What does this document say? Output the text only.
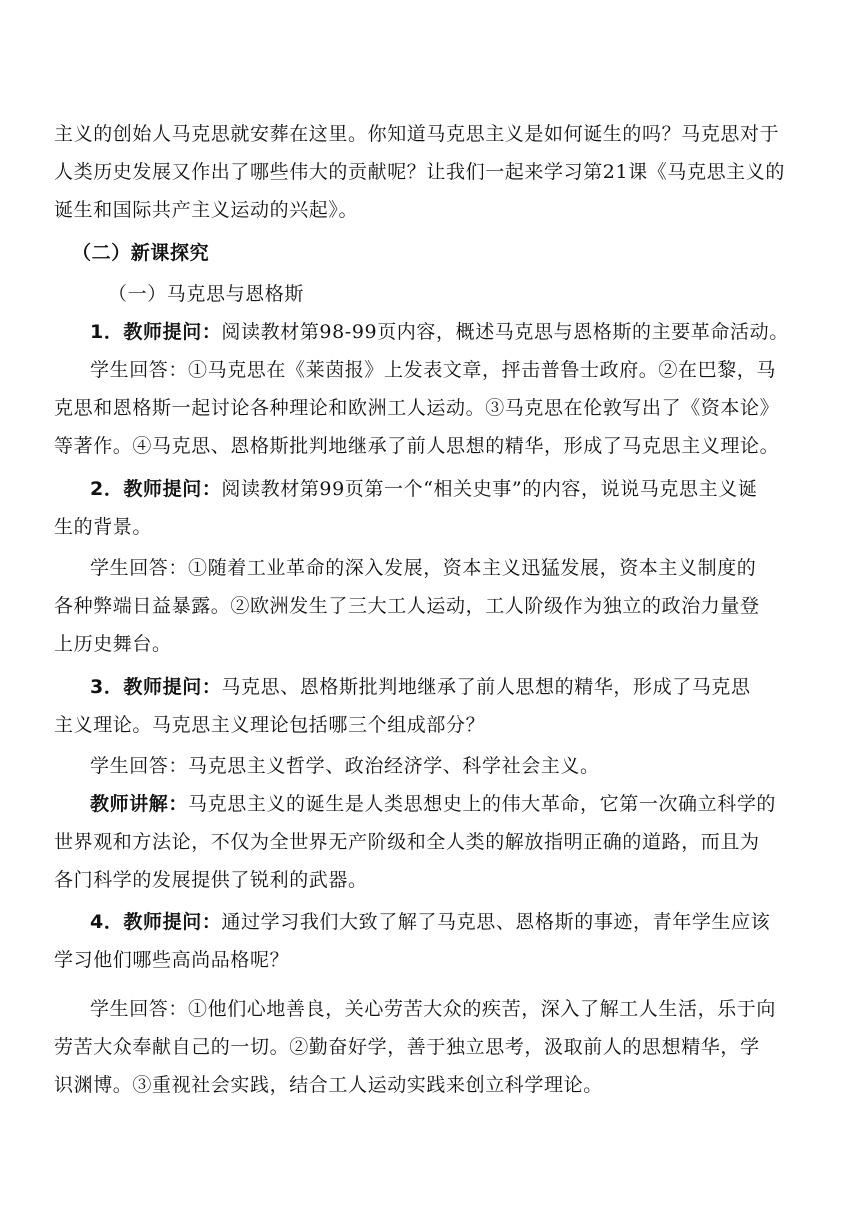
主义的创始人马克思就安葬在这里。你知道马克思主义是如何诞生的吗？马克思对于
人类历史发展又作出了哪些伟大的贡献呢？让我们一起来学习第21课《马克思主义的
诞生和国际共产主义运动的兴起》。
（二）新课探究
（一）马克思与恩格斯
1．教师提问：阅读教材第98-99页内容，概述马克思与恩格斯的主要革命活动。
学生回答：①马克思在《莱茵报》上发表文章，抨击普鲁士政府。②在巴黎，马
克思和恩格斯一起讨论各种理论和欧洲工人运动。③马克思在伦敦写出了《资本论》
等著作。④马克思、恩格斯批判地继承了前人思想的精华，形成了马克思主义理论。
2．教师提问：阅读教材第99页第一个“相关史事”的内容，说说马克思主义诞
生的背景。
学生回答：①随着工业革命的深入发展，资本主义迅猛发展，资本主义制度的
各种弊端日益暴露。②欧洲发生了三大工人运动，工人阶级作为独立的政治力量登
上历史舞台。
3．教师提问：马克思、恩格斯批判地继承了前人思想的精华，形成了马克思
主义理论。马克思主义理论包括哪三个组成部分？
学生回答：马克思主义哲学、政治经济学、科学社会主义。
教师讲解：马克思主义的诞生是人类思想史上的伟大革命，它第一次确立科学的
世界观和方法论，不仅为全世界无产阶级和全人类的解放指明正确的道路，而且为
各门科学的发展提供了锐利的武器。
4．教师提问：通过学习我们大致了解了马克思、恩格斯的事迹，青年学生应该
学习他们哪些高尚品格呢？
学生回答：①他们心地善良，关心劳苦大众的疾苦，深入了解工人生活，乐于向
劳苦大众奉献自己的一切。②勤奋好学，善于独立思考，汲取前人的思想精华，学
识渊博。③重视社会实践，结合工人运动实践来创立科学理论。
